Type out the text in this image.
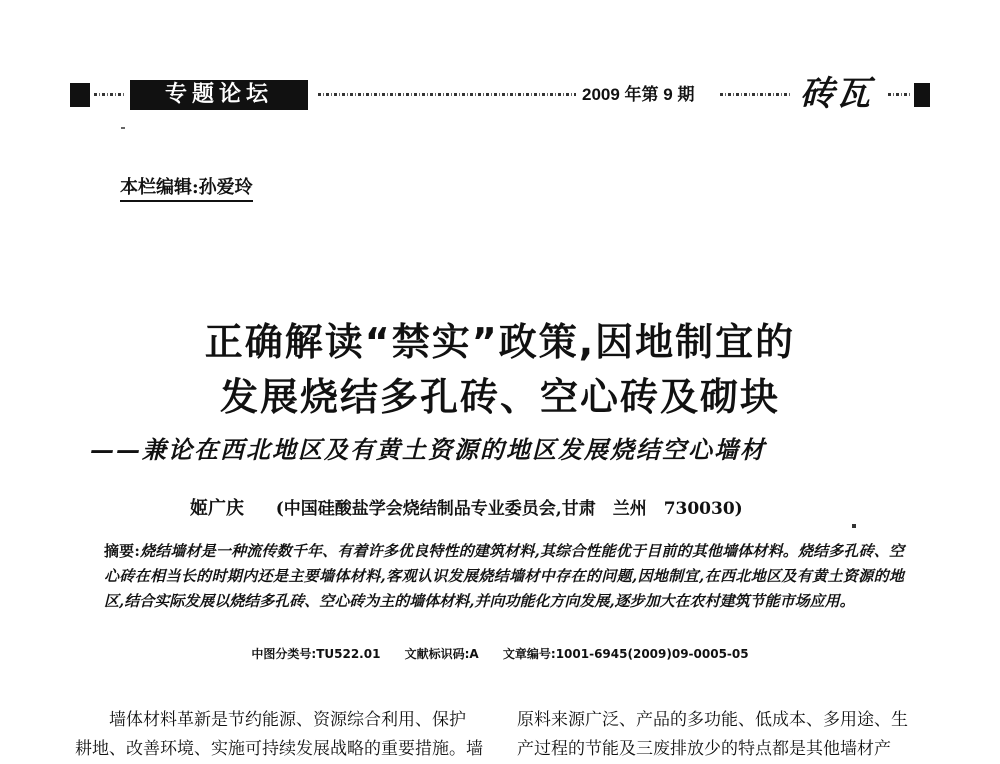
专题论坛	2009 年第 9 期	砖瓦
本栏编辑:孙爱玲
正确解读“禁实”政策,因地制宜的
发展烧结多孔砖、空心砖及砌块
——兼论在西北地区及有黄土资源的地区发展烧结空心墙材
姬广庆 (中国硅酸盐学会烧结制品专业委员会,甘肃　兰州　730030)
摘要:烧结墙材是一种流传数千年、有着许多优良特性的建筑材料,其综合性能优于目前的其他墙体材料。烧结多孔砖、空心砖在相当长的时期内还是主要墙体材料,客观认识发展烧结墙材中存在的问题,因地制宜,在西北地区及有黄土资源的地区,结合实际发展以烧结多孔砖、空心砖为主的墙体材料,并向功能化方向发展,逐步加大在农村建筑节能市场应用。
中图分类号:TU522.01 文献标识码:A 文章编号:1001-6945(2009)09-0005-05
　　墙体材料革新是节约能源、资源综合利用、保护
耕地、改善环境、实施可持续发展战略的重要措施。墙
原料来源广泛、产品的多功能、低成本、多用途、生
产过程的节能及三废排放少的特点都是其他墙材产
